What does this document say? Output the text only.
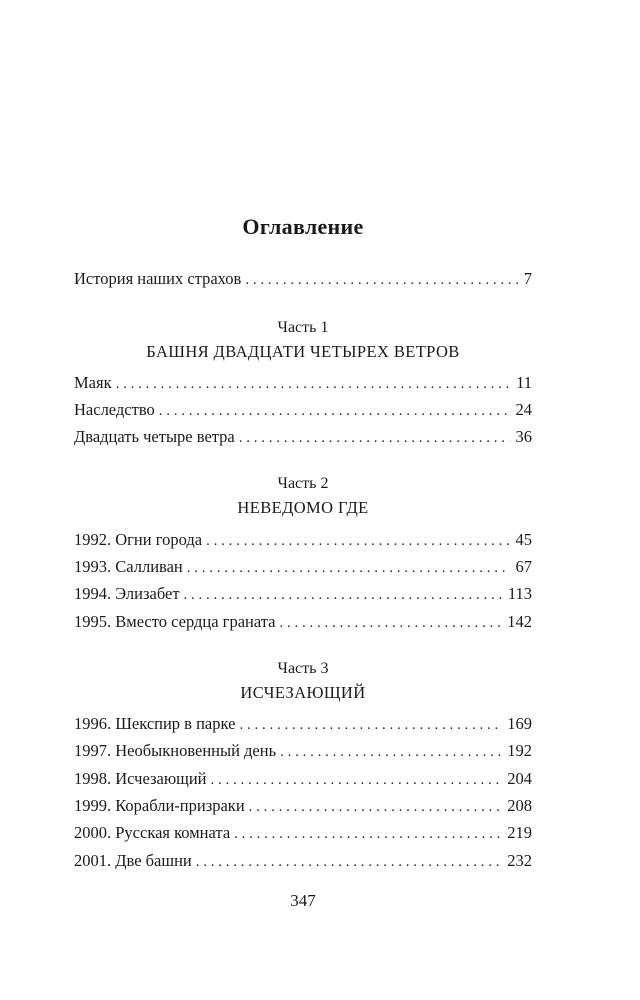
Оглавление
История наших страхов . . .	7
Часть 1
БАШНЯ ДВАДЦАТИ ЧЕТЫРЕХ ВЕТРОВ
Маяк . . .	11
Наследство . . .	24
Двадцать четыре ветра . . .	36
Часть 2
НЕВЕДОМО ГДЕ
1992. Огни города . . .	45
1993. Салливан . . .	67
1994. Элизабет . . .	113
1995. Вместо сердца граната . . .	142
Часть 3
ИСЧЕЗАЮЩИЙ
1996. Шекспир в парке . . .	169
1997. Необыкновенный день . . .	192
1998. Исчезающий . . .	204
1999. Корабли-призраки . . .	208
2000. Русская комната . . .	219
2001. Две башни . . .	232
347
